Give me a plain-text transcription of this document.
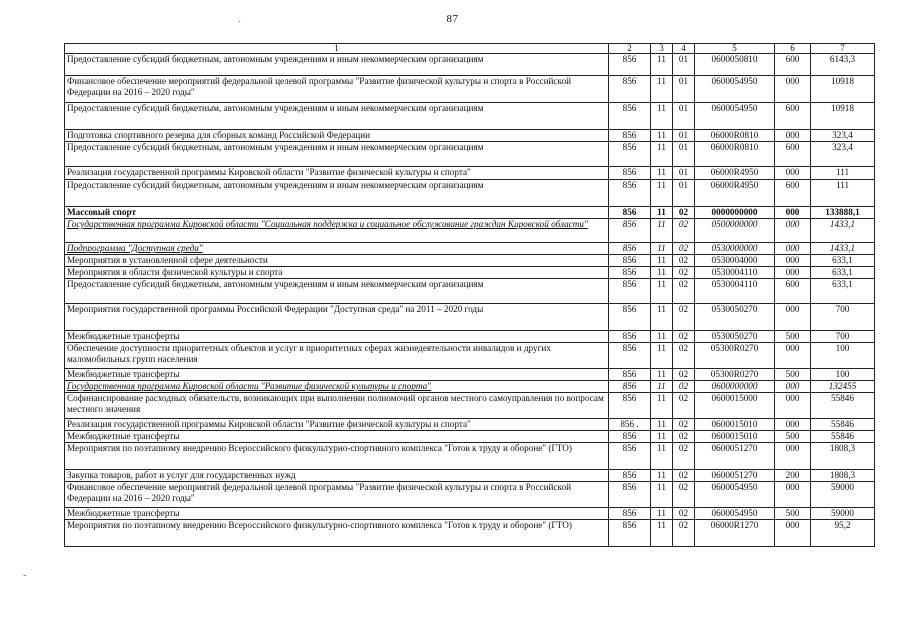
87
-
·
1	2	3	4	5	6	7
Предоставление субсидий бюджетным, автономным учреждениям и иным некоммерческим организациям	856	11	01	0600050810	600	6143,3
Финансовое обеспечение мероприятий федеральной целевой программы "Развитие физической культуры и спорта в Российской Федерации на 2016 – 2020 годы"	856	11	01	0600054950	000	10918
Предоставление субсидий бюджетным, автономным учреждениям и иным некоммерческим организациям	856	11	01	0600054950	600	10918
Подготовка спортивного резерва для сборных команд Российской Федерации	856	11	01	06000R0810	000	323,4
Предоставление субсидий бюджетным, автономным учреждениям и иным некоммерческим организациям	856	11	01	06000R0810	600	323,4
Реализация государственной программы Кировской области "Развитие физической культуры и спорта"	856	11	01	06000R4950	000	111
Предоставление субсидий бюджетным, автономным учреждениям и иным некоммерческим организациям	856	11	01	06000R4950	600	111
Массовый спорт	856	11	02	0000000000	000	133888,1
Государственная программа Кировской области "Социальная поддержка и социальное обслуживание граждан Кировской области"	856	11	02	0500000000	000	1433,1
Подпрограмма "Доступная среда"	856	11	02	0530000000	000	1433,1
Мероприятия в установленной сфере деятельности	856	11	02	0530004000	000	633,1
Мероприятия в области физической культуры и спорта	856	11	02	0530004110	000	633,1
Предоставление субсидий бюджетным, автономным учреждениям и иным некоммерческим организациям	856	11	02	0530004110	600	633,1
Мероприятия государственной программы Российской Федерации "Доступная среда" на 2011 – 2020 годы	856	11	02	0530050270	000	700
Межбюджетные трансферты	856	11	02	0530050270	500	700
Обеспечение доступности приоритетных объектов и услуг в приоритетных сферах жизнедеятельности инвалидов и других маломобильных групп населения	856	11	02	05300R0270	000	100
Межбюджетные трансферты	856	11	02	05300R0270	500	100
Государственная программа Кировской области "Развитие физической культуры и спорта"	856	11	02	0600000000	000	132455
Софинансирование расходных обязательств, возникающих при выполнении полномочий органов местного самоуправления по вопросам местного значения	856	11	02	0600015000	000	55846
Реализация государственной программы Кировской области "Развитие физической культуры и спорта"	856 .	11	02	0600015010	000	55846
Межбюджетные трансферты	856	11	02	0600015010	500	55846
Мероприятия по поэтапному внедрению Всероссийского физкультурно-спортивного комплекса "Готов к труду и обороне" (ГТО)	856	11	02	0600051270	000	1808,3
Закупка товаров, работ и услуг для государственных нужд	856	11	02	0600051270	200	1808,3
Финансовое обеспечение мероприятий федеральной целевой программы "Развитие физической культуры и спорта в Российской Федерации на 2016 – 2020 годы"	856	11	02	0600054950	000	59000
Межбюджетные трансферты	856	11	02	0600054950	500	59000
Мероприятия по поэтапному внедрению Всероссийского физкультурно-спортивного комплекса "Готов к труду и обороне" (ГТО)	856	11	02	06000R1270	000	95,2
